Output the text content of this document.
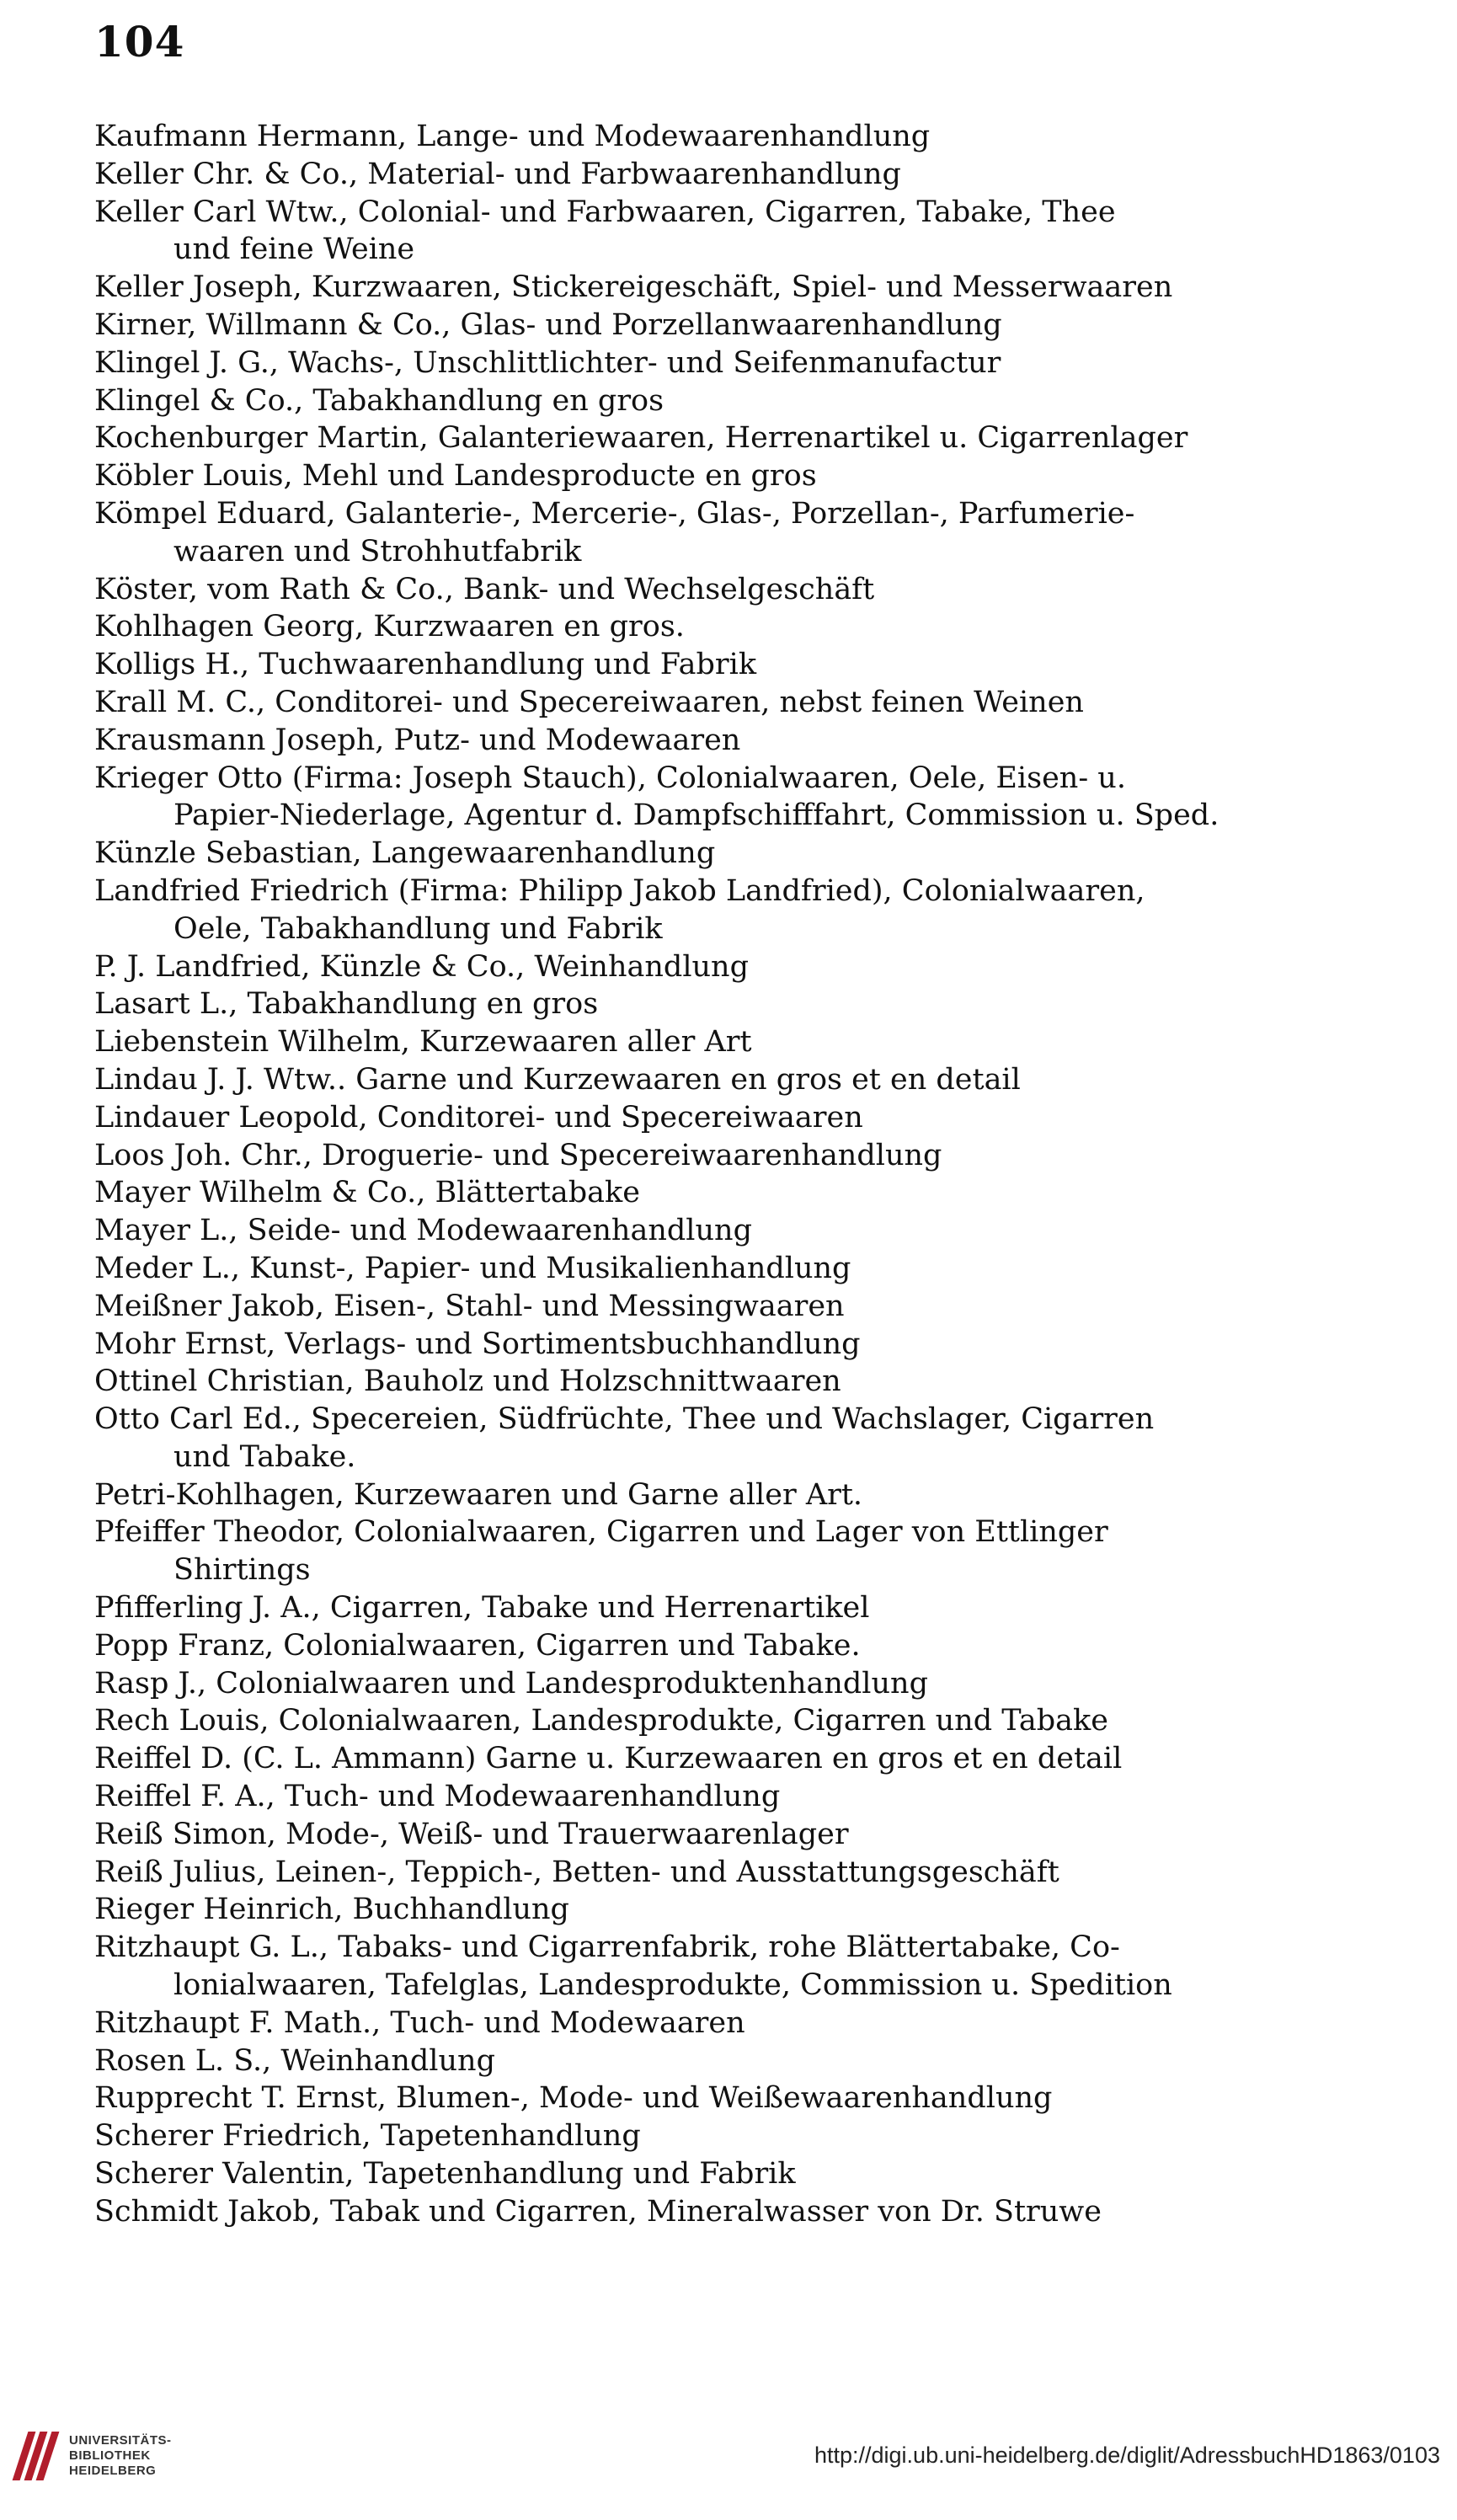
104
Kaufmann Hermann, Lange- und Modewaarenhandlung
Keller Chr. & Co., Material- und Farbwaarenhandlung
Keller Carl Wtw., Colonial- und Farbwaaren, Cigarren, Tabake, Thee
und feine Weine
Keller Joseph, Kurzwaaren, Stickereigeschäft, Spiel- und Messerwaaren
Kirner, Willmann & Co., Glas- und Porzellanwaarenhandlung
Klingel J. G., Wachs-, Unschlittlichter- und Seifenmanufactur
Klingel & Co., Tabakhandlung en gros
Kochenburger Martin, Galanteriewaaren, Herrenartikel u. Cigarrenlager
Köbler Louis, Mehl und Landesproducte en gros
Kömpel Eduard, Galanterie-, Mercerie-, Glas-, Porzellan-, Parfumerie-
waaren und Strohhutfabrik
Köster, vom Rath & Co., Bank- und Wechselgeschäft
Kohlhagen Georg, Kurzwaaren en gros.
Kolligs H., Tuchwaarenhandlung und Fabrik
Krall M. C., Conditorei- und Specereiwaaren, nebst feinen Weinen
Krausmann Joseph, Putz- und Modewaaren
Krieger Otto (Firma: Joseph Stauch), Colonialwaaren, Oele, Eisen- u.
Papier-Niederlage, Agentur d. Dampfschifffahrt, Commission u. Sped.
Künzle Sebastian, Langewaarenhandlung
Landfried Friedrich (Firma: Philipp Jakob Landfried), Colonialwaaren,
Oele, Tabakhandlung und Fabrik
P. J. Landfried, Künzle & Co., Weinhandlung
Lasart L., Tabakhandlung en gros
Liebenstein Wilhelm, Kurzewaaren aller Art
Lindau J. J. Wtw.. Garne und Kurzewaaren en gros et en detail
Lindauer Leopold, Conditorei- und Specereiwaaren
Loos Joh. Chr., Droguerie- und Specereiwaarenhandlung
Mayer Wilhelm & Co., Blättertabake
Mayer L., Seide- und Modewaarenhandlung
Meder L., Kunst-, Papier- und Musikalienhandlung
Meißner Jakob, Eisen-, Stahl- und Messingwaaren
Mohr Ernst, Verlags- und Sortimentsbuchhandlung
Ottinel Christian, Bauholz und Holzschnittwaaren
Otto Carl Ed., Specereien, Südfrüchte, Thee und Wachslager, Cigarren
und Tabake.
Petri-Kohlhagen, Kurzewaaren und Garne aller Art.
Pfeiffer Theodor, Colonialwaaren, Cigarren und Lager von Ettlinger
Shirtings
Pfifferling J. A., Cigarren, Tabake und Herrenartikel
Popp Franz, Colonialwaaren, Cigarren und Tabake.
Rasp J., Colonialwaaren und Landesproduktenhandlung
Rech Louis, Colonialwaaren, Landesprodukte, Cigarren und Tabake
Reiffel D. (C. L. Ammann) Garne u. Kurzewaaren en gros et en detail
Reiffel F. A., Tuch- und Modewaarenhandlung
Reiß Simon, Mode-, Weiß- und Trauerwaarenlager
Reiß Julius, Leinen-, Teppich-, Betten- und Ausstattungsgeschäft
Rieger Heinrich, Buchhandlung
Ritzhaupt G. L., Tabaks- und Cigarrenfabrik, rohe Blättertabake, Co-
lonialwaaren, Tafelglas, Landesprodukte, Commission u. Spedition
Ritzhaupt F. Math., Tuch- und Modewaaren
Rosen L. S., Weinhandlung
Rupprecht T. Ernst, Blumen-, Mode- und Weißewaarenhandlung
Scherer Friedrich, Tapetenhandlung
Scherer Valentin, Tapetenhandlung und Fabrik
Schmidt Jakob, Tabak und Cigarren, Mineralwasser von Dr. Struwe
UNIVERSITÄTS-
BIBLIOTHEK
HEIDELBERG
http://digi.ub.uni-heidelberg.de/diglit/AdressbuchHD1863/0103
